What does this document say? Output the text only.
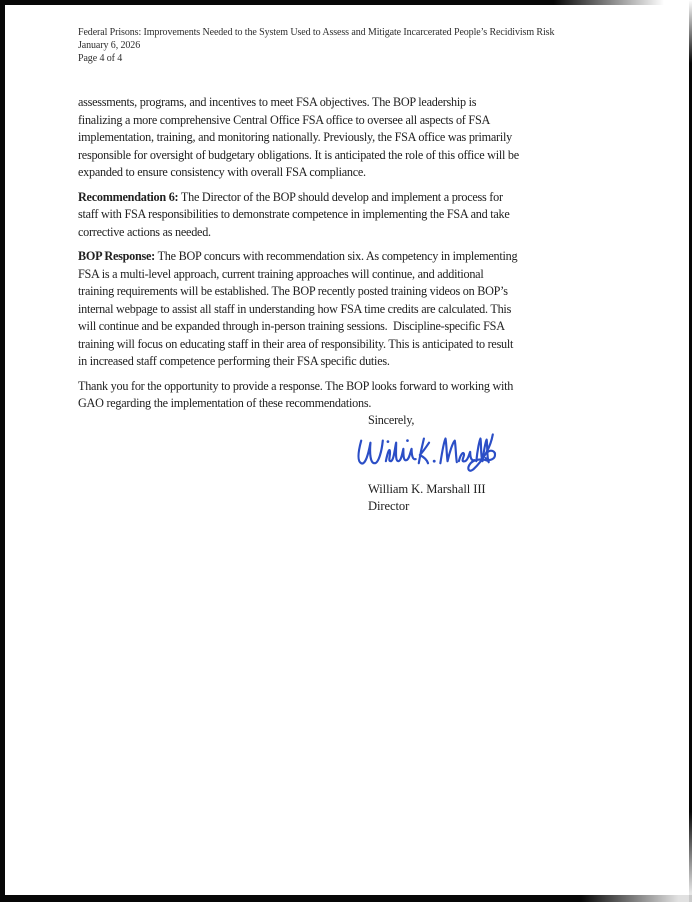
Federal Prisons: Improvements Needed to the System Used to Assess and Mitigate Incarcerated People’s Recidivism Risk
January 6, 2026
Page 4 of 4

assessments, programs, and incentives to meet FSA objectives. The BOP leadership is
finalizing a more comprehensive Central Office FSA office to oversee all aspects of FSA
implementation, training, and monitoring nationally. Previously, the FSA office was primarily
responsible for oversight of budgetary obligations. It is anticipated the role of this office will be
expanded to ensure consistency with overall FSA compliance.

Recommendation 6: The Director of the BOP should develop and implement a process for
staff with FSA responsibilities to demonstrate competence in implementing the FSA and take
corrective actions as needed.

BOP Response: The BOP concurs with recommendation six. As competency in implementing
FSA is a multi-level approach, current training approaches will continue, and additional
training requirements will be established. The BOP recently posted training videos on BOP’s
internal webpage to assist all staff in understanding how FSA time credits are calculated. This
will continue and be expanded through in-person training sessions.  Discipline-specific FSA
training will focus on educating staff in their area of responsibility. This is anticipated to result
in increased staff competence performing their FSA specific duties.

Thank you for the opportunity to provide a response. The BOP looks forward to working with
GAO regarding the implementation of these recommendations.

Sincerely,
William K. Marshall III
Director
